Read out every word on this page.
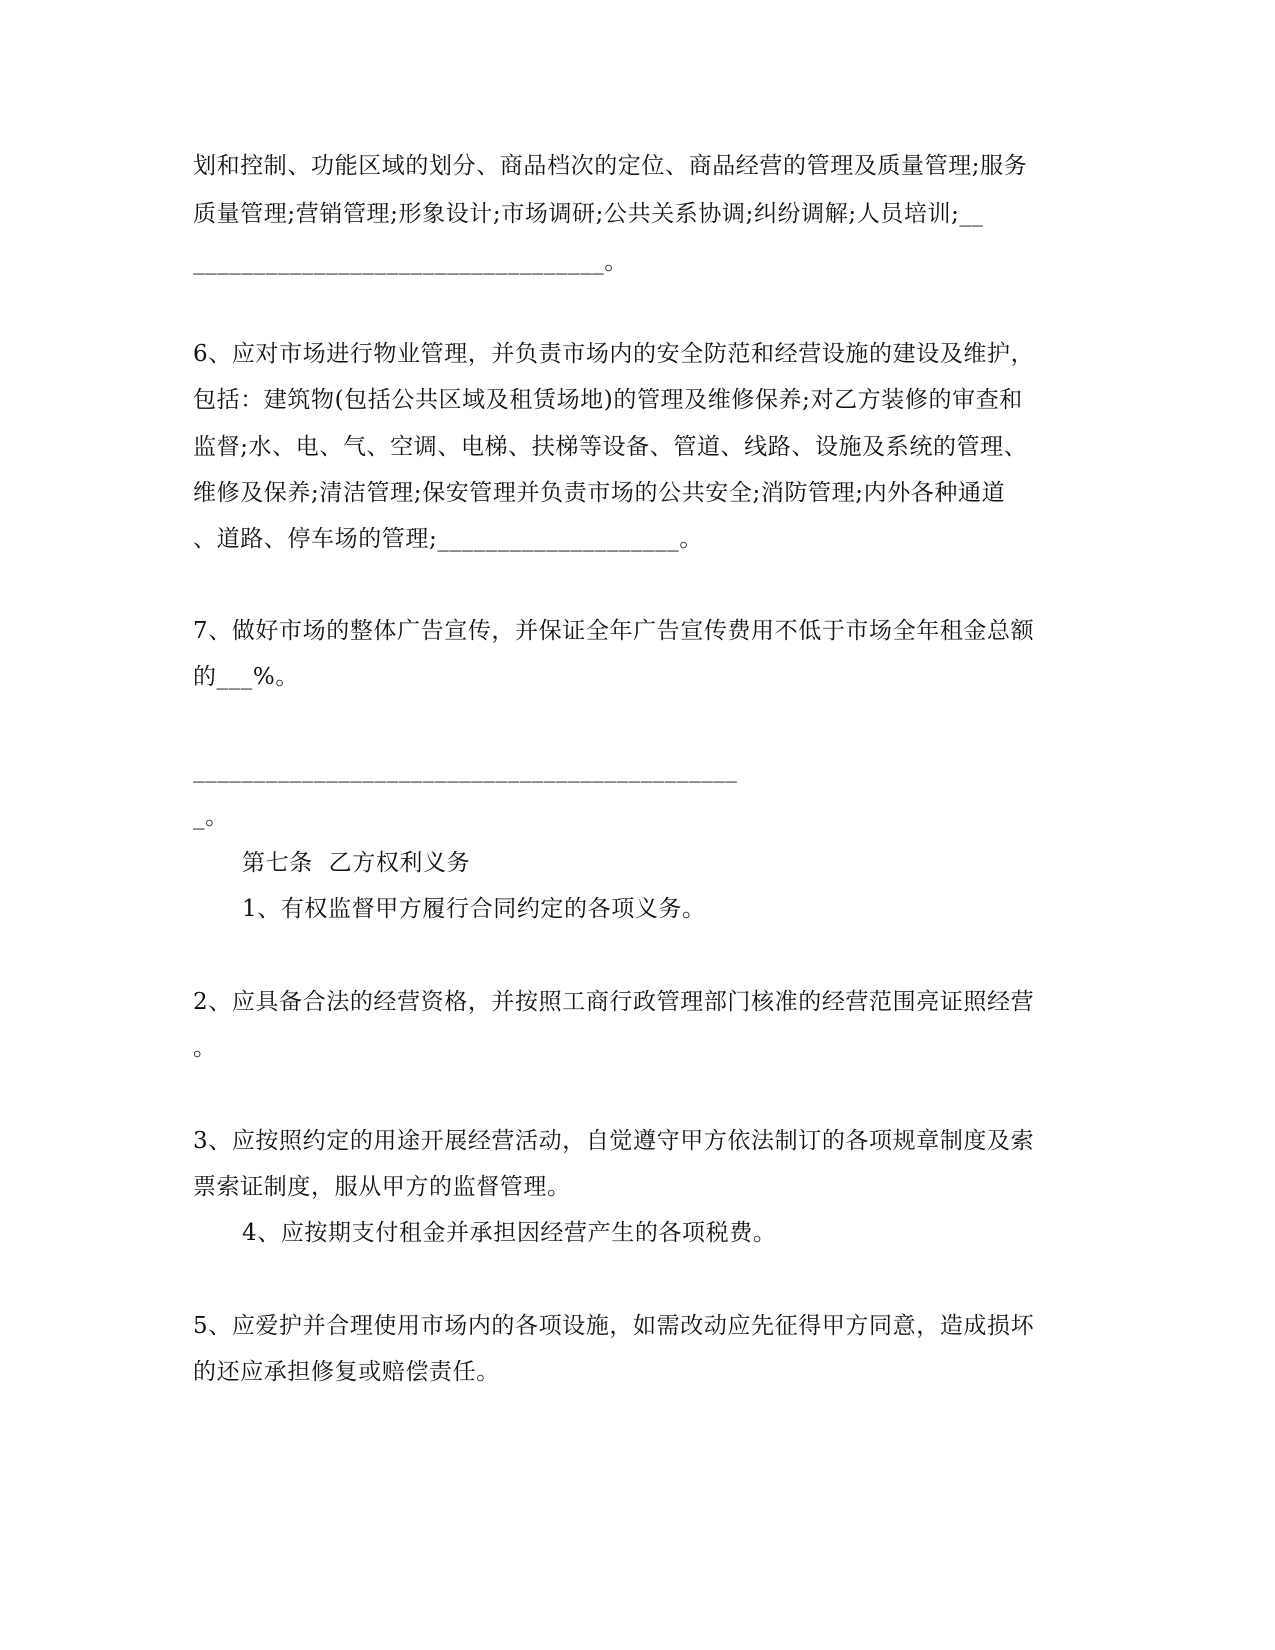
划和控制、功能区域的划分、商品档次的定位、商品经营的管理及质量管理;服务

质量管理;营销管理;形象设计;市场调研;公共关系协调;纠纷调解;人员培训;__

__________________________________。

6、应对市场进行物业管理，并负责市场内的安全防范和经营设施的建设及维护，

包括：建筑物(包括公共区域及租赁场地)的管理及维修保养;对乙方装修的审查和

监督;水、电、气、空调、电梯、扶梯等设备、管道、线路、设施及系统的管理、

维修及保养;清洁管理;保安管理并负责市场的公共安全;消防管理;内外各种通道

、道路、停车场的管理;____________________。

7、做好市场的整体广告宣传，并保证全年广告宣传费用不低于市场全年租金总额

的___%。

_____________________________________________

_。

第七条  乙方权利义务

1、有权监督甲方履行合同约定的各项义务。

2、应具备合法的经营资格，并按照工商行政管理部门核准的经营范围亮证照经营

。

3、应按照约定的用途开展经营活动，自觉遵守甲方依法制订的各项规章制度及索

票索证制度，服从甲方的监督管理。

4、应按期支付租金并承担因经营产生的各项税费。

5、应爱护并合理使用市场内的各项设施，如需改动应先征得甲方同意，造成损坏

的还应承担修复或赔偿责任。
